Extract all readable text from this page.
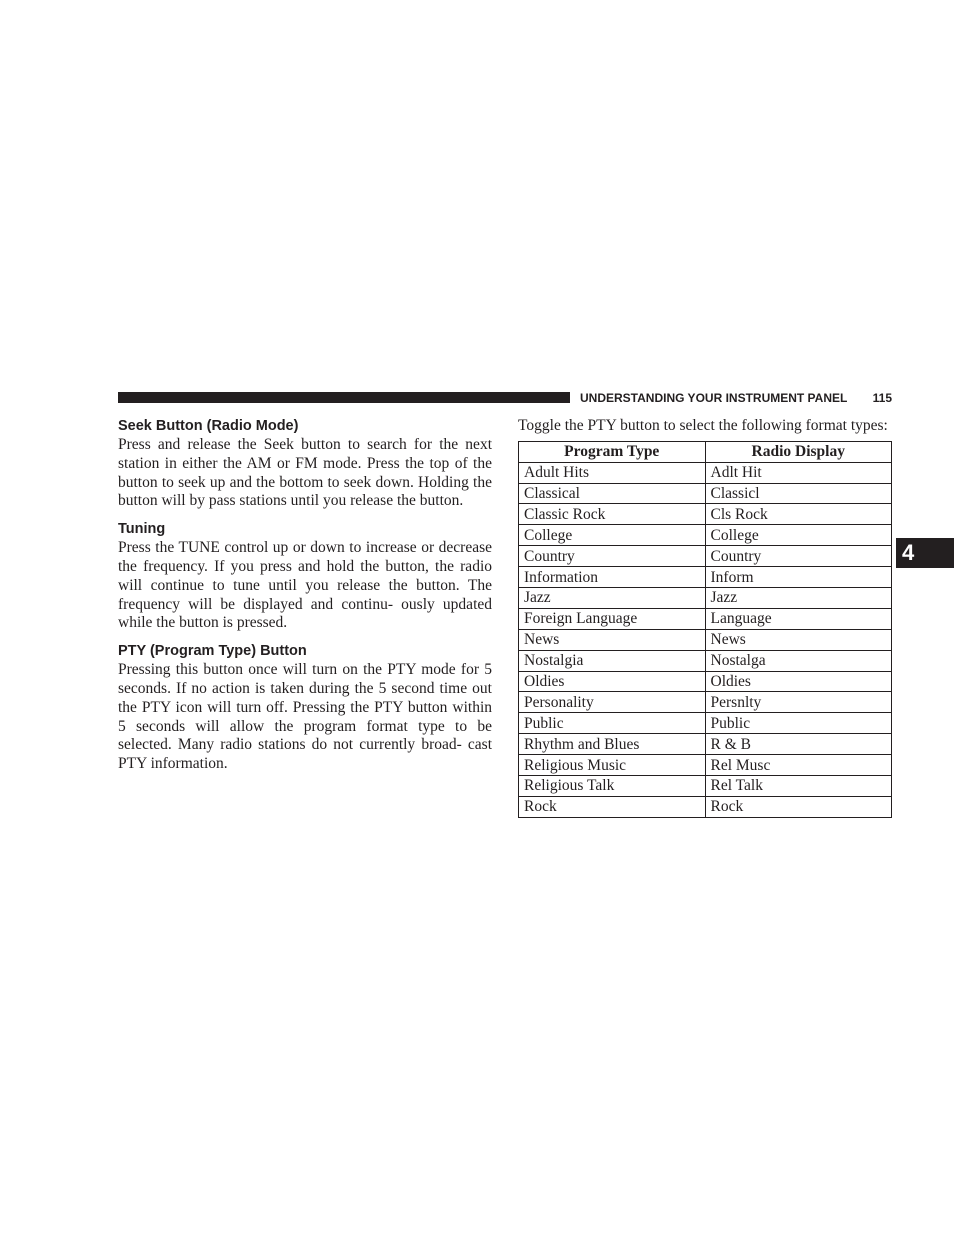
UNDERSTANDING YOUR INSTRUMENT PANEL 115
4
Seek Button (Radio Mode)

Press and release the Seek button to search for the next station in either the AM or FM mode. Press the top of the button to seek up and the bottom to seek down. Holding the button will by pass stations until you release the button.

Tuning

Press the TUNE control up or down to increase or decrease the frequency. If you press and hold the button, the radio will continue to tune until you release the button. The frequency will be displayed and continu- ously updated while the button is pressed.

PTY (Program Type) Button

Pressing this button once will turn on the PTY mode for 5 seconds. If no action is taken during the 5 second time out the PTY icon will turn off. Pressing the PTY button within 5 seconds will allow the program format type to be selected. Many radio stations do not currently broad- cast PTY information.

Toggle the PTY button to select the following format types:

Program Type	Radio Display
Adult Hits	Adlt Hit
Classical	Classicl
Classic Rock	Cls Rock
College	College
Country	Country
Information	Inform
Jazz	Jazz
Foreign Language	Language
News	News
Nostalgia	Nostalga
Oldies	Oldies
Personality	Persnlty
Public	Public
Rhythm and Blues	R & B
Religious Music	Rel Musc
Religious Talk	Rel Talk
Rock	Rock
